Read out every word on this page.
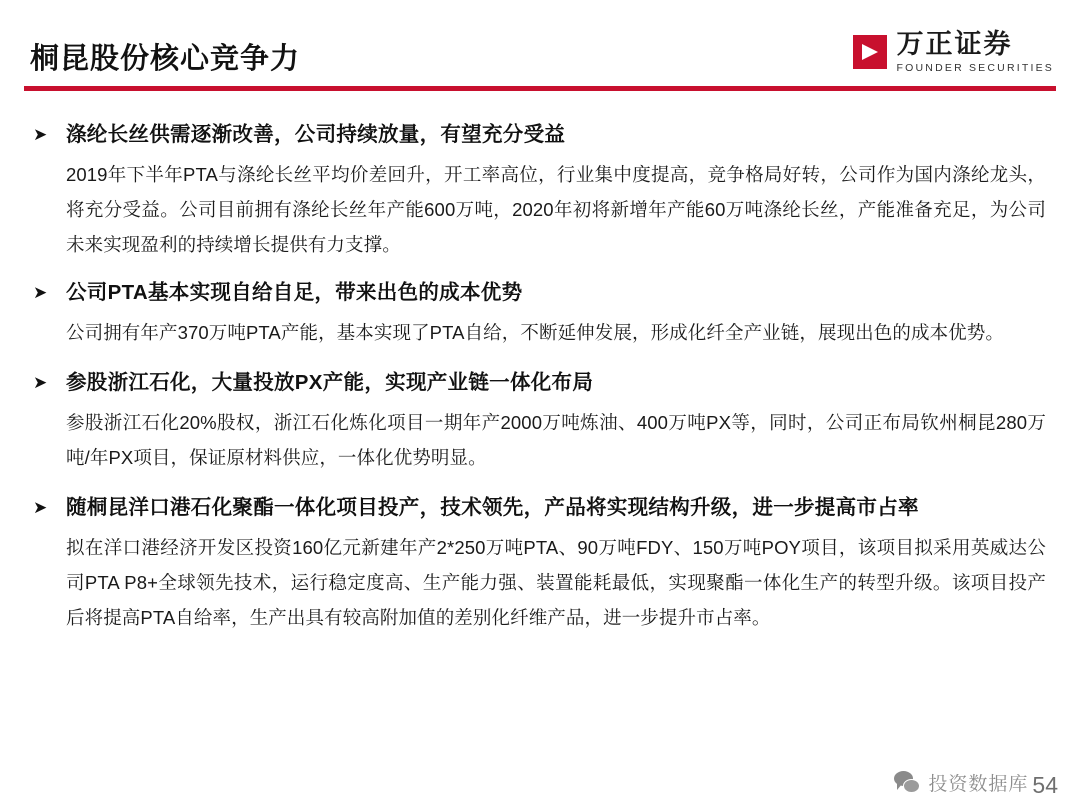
桐昆股份核心竞争力	万正证券
FOUNDER SECURITIES
➤ 涤纶长丝供需逐渐改善，公司持续放量，有望充分受益
2019年下半年PTA与涤纶长丝平均价差回升，开工率高位，行业集中度提高，竞争格局好转，公司作为国内涤纶龙头，将充分受益。公司目前拥有涤纶长丝年产能600万吨，2020年初将新增年产能60万吨涤纶长丝，产能准备充足，为公司未来实现盈利的持续增长提供有力支撑。
➤ 公司PTA基本实现自给自足，带来出色的成本优势
公司拥有年产370万吨PTA产能，基本实现了PTA自给，不断延伸发展，形成化纤全产业链，展现出色的成本优势。
➤ 参股浙江石化，大量投放PX产能，实现产业链一体化布局
参股浙江石化20%股权，浙江石化炼化项目一期年产2000万吨炼油、400万吨PX等，同时，公司正布局钦州桐昆280万吨/年PX项目，保证原材料供应，一体化优势明显。
➤ 随桐昆洋口港石化聚酯一体化项目投产，技术领先，产品将实现结构升级，进一步提高市占率
拟在洋口港经济开发区投资160亿元新建年产2*250万吨PTA、90万吨FDY、150万吨POY项目，该项目拟采用英威达公司PTA P8+全球领先技术，运行稳定度高、生产能力强、装置能耗最低，实现聚酯一体化生产的转型升级。该项目投产后将提高PTA自给率，生产出具有较高附加值的差别化纤维产品，进一步提升市占率。
投资数据库 54
